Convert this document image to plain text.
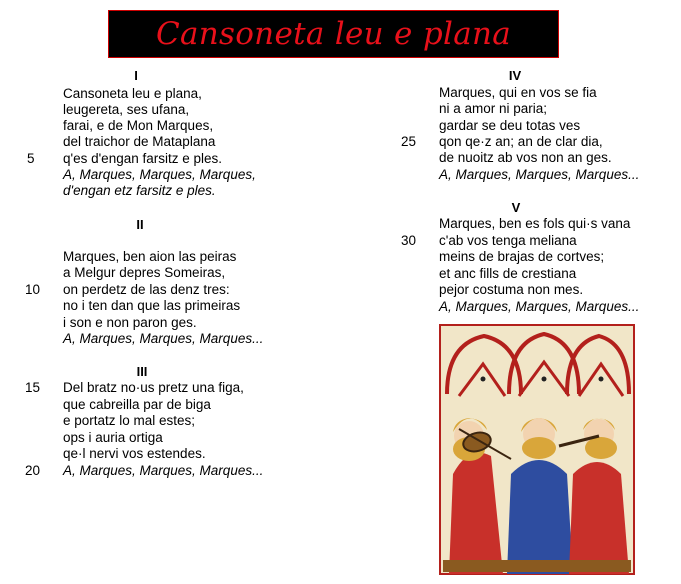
Cansoneta leu e plana
I
Cansoneta leu e plana,
leugereta, ses ufana,
farai, e de Mon Marques,
del traichor de Mataplana
5 q'es d'engan farsitz e ples.
A, Marques, Marques, Marques,
d'engan etz farsitz e ples.
II
Marques, ben aion las peiras
a Melgur depres Someiras,
10 on perdetz de las denz tres:
no i ten dan que las primeiras
i son e non paron ges.
A, Marques, Marques, Marques...
III
15 Del bratz no·us pretz una figa,
que cabreilla par de biga
e portatz lo mal estes;
ops i auria ortiga
qe·l nervi vos estendes.
20 A, Marques, Marques, Marques...
IV
Marques, qui en vos se fia
ni a amor ni paria;
gardar se deu totas ves
25 qon qe·z an; an de clar dia,
de nuoitz ab vos non an ges.
A, Marques, Marques, Marques...
V
Marques, ben es fols qui·s vana
30 c'ab vos tenga meliana
meins de brajas de cortves;
et anc fills de crestiana
pejor costuma non mes.
A, Marques, Marques, Marques...
